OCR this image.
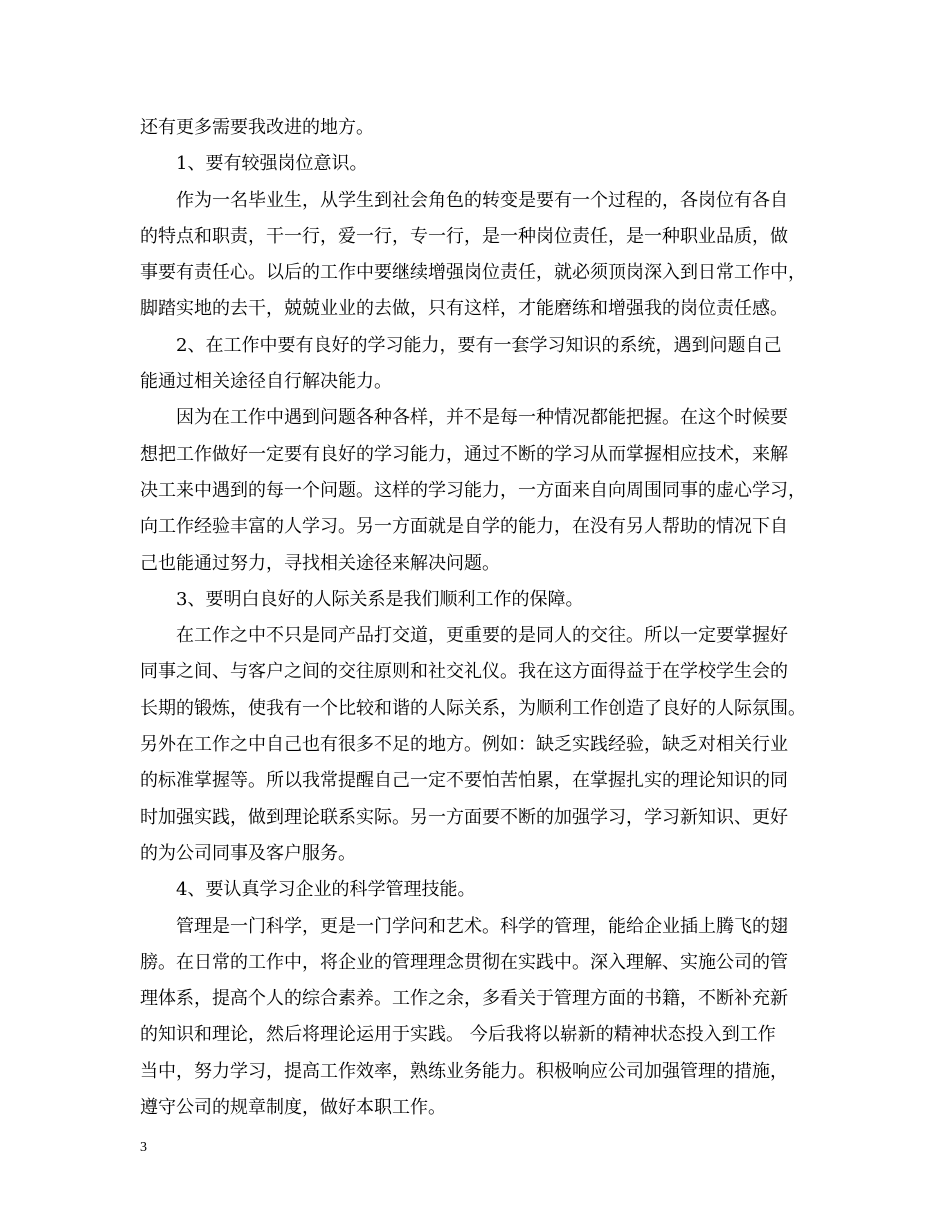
还有更多需要我改进的地方。
1、要有较强岗位意识。
作为一名毕业生，从学生到社会角色的转变是要有一个过程的，各岗位有各自
的特点和职责，干一行，爱一行，专一行，是一种岗位责任，是一种职业品质，做
事要有责任心。以后的工作中要继续增强岗位责任，就必须顶岗深入到日常工作中，
脚踏实地的去干，兢兢业业的去做，只有这样，才能磨练和增强我的岗位责任感。
2、在工作中要有良好的学习能力，要有一套学习知识的系统，遇到问题自己
能通过相关途径自行解决能力。
因为在工作中遇到问题各种各样，并不是每一种情况都能把握。在这个时候要
想把工作做好一定要有良好的学习能力，通过不断的学习从而掌握相应技术，来解
决工来中遇到的每一个问题。这样的学习能力，一方面来自向周围同事的虚心学习，
向工作经验丰富的人学习。另一方面就是自学的能力，在没有另人帮助的情况下自
己也能通过努力，寻找相关途径来解决问题。
3、要明白良好的人际关系是我们顺利工作的保障。
在工作之中不只是同产品打交道，更重要的是同人的交往。所以一定要掌握好
同事之间、与客户之间的交往原则和社交礼仪。我在这方面得益于在学校学生会的
长期的锻炼，使我有一个比较和谐的人际关系，为顺利工作创造了良好的人际氛围。
另外在工作之中自己也有很多不足的地方。例如：缺乏实践经验，缺乏对相关行业
的标准掌握等。所以我常提醒自己一定不要怕苦怕累，在掌握扎实的理论知识的同
时加强实践，做到理论联系实际。另一方面要不断的加强学习，学习新知识、更好
的为公司同事及客户服务。
4、要认真学习企业的科学管理技能。
管理是一门科学，更是一门学问和艺术。科学的管理，能给企业插上腾飞的翅
膀。在日常的工作中，将企业的管理理念贯彻在实践中。深入理解、实施公司的管
理体系，提高个人的综合素养。工作之余，多看关于管理方面的书籍，不断补充新
的知识和理论，然后将理论运用于实践。 今后我将以崭新的精神状态投入到工作
当中，努力学习，提高工作效率，熟练业务能力。积极响应公司加强管理的措施，
遵守公司的规章制度，做好本职工作。
3
